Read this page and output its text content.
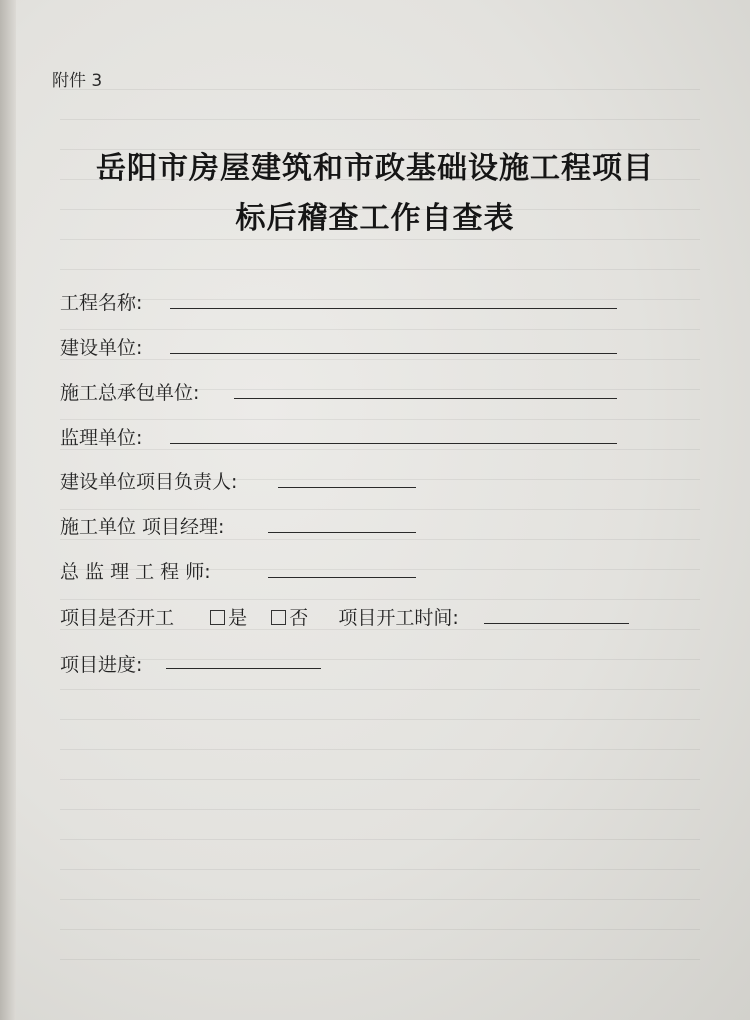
附件 3
岳阳市房屋建筑和市政基础设施工程项目
标后稽查工作自查表
工程名称:
建设单位:
施工总承包单位:
监理单位:
建设单位项目负责人:
施工单位 项目经理:
总 监 理 工 程 师:
项目是否开工	是 否 项目开工时间:
项目进度:
